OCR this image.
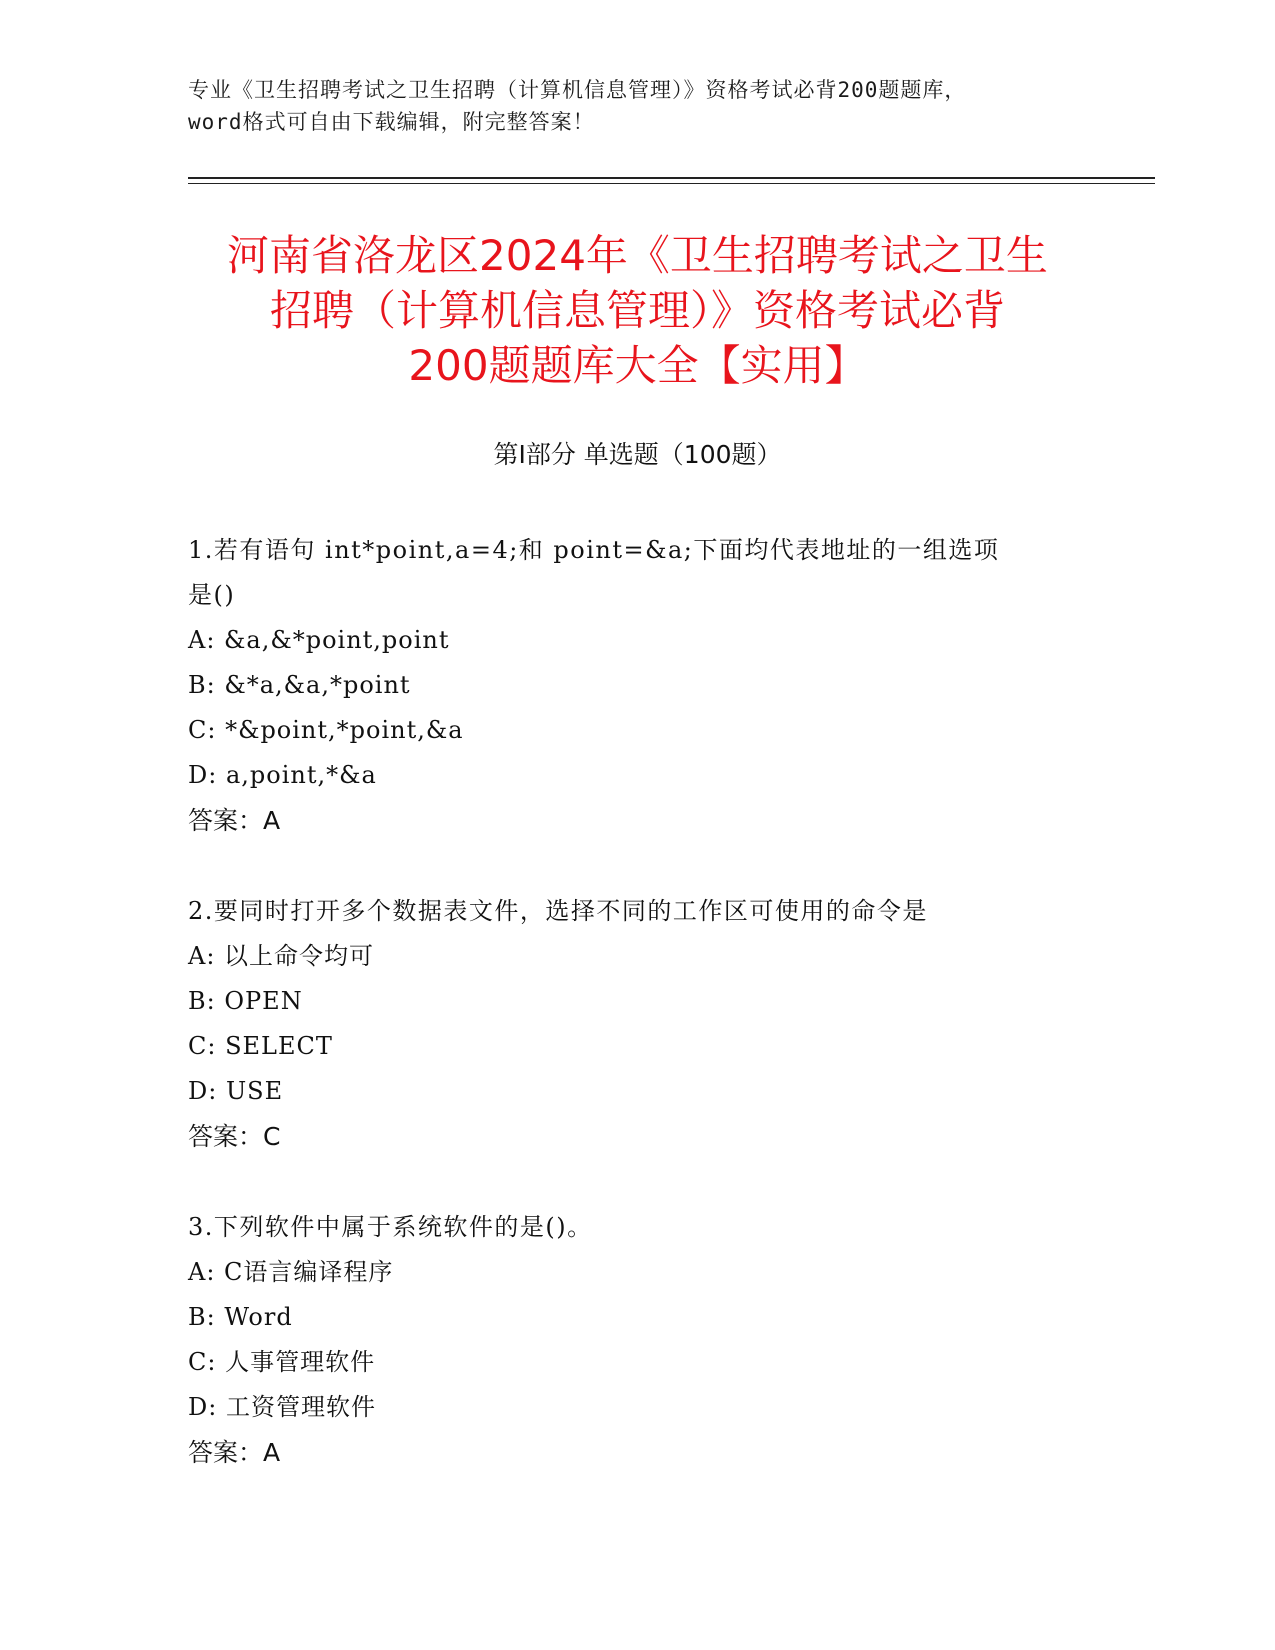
专业《卫生招聘考试之卫生招聘（计算机信息管理）》资格考试必背200题题库，
word格式可自由下载编辑，附完整答案！
河南省洛龙区2024年《卫生招聘考试之卫生
招聘（计算机信息管理）》资格考试必背
200题题库大全【实用】
第Ⅰ部分 单选题（100题）
1.若有语句 int*point,a=4;和 point=&a;下面均代表地址的一组选项
是()
A: &a,&*point,point
B: &*a,&a,*point
C: *&point,*point,&a
D: a,point,*&a
答案：A
2.要同时打开多个数据表文件，选择不同的工作区可使用的命令是
A: 以上命令均可
B: OPEN
C: SELECT
D: USE
答案：C
3.下列软件中属于系统软件的是()。
A: C语言编译程序
B: Word
C: 人事管理软件
D: 工资管理软件
答案：A
